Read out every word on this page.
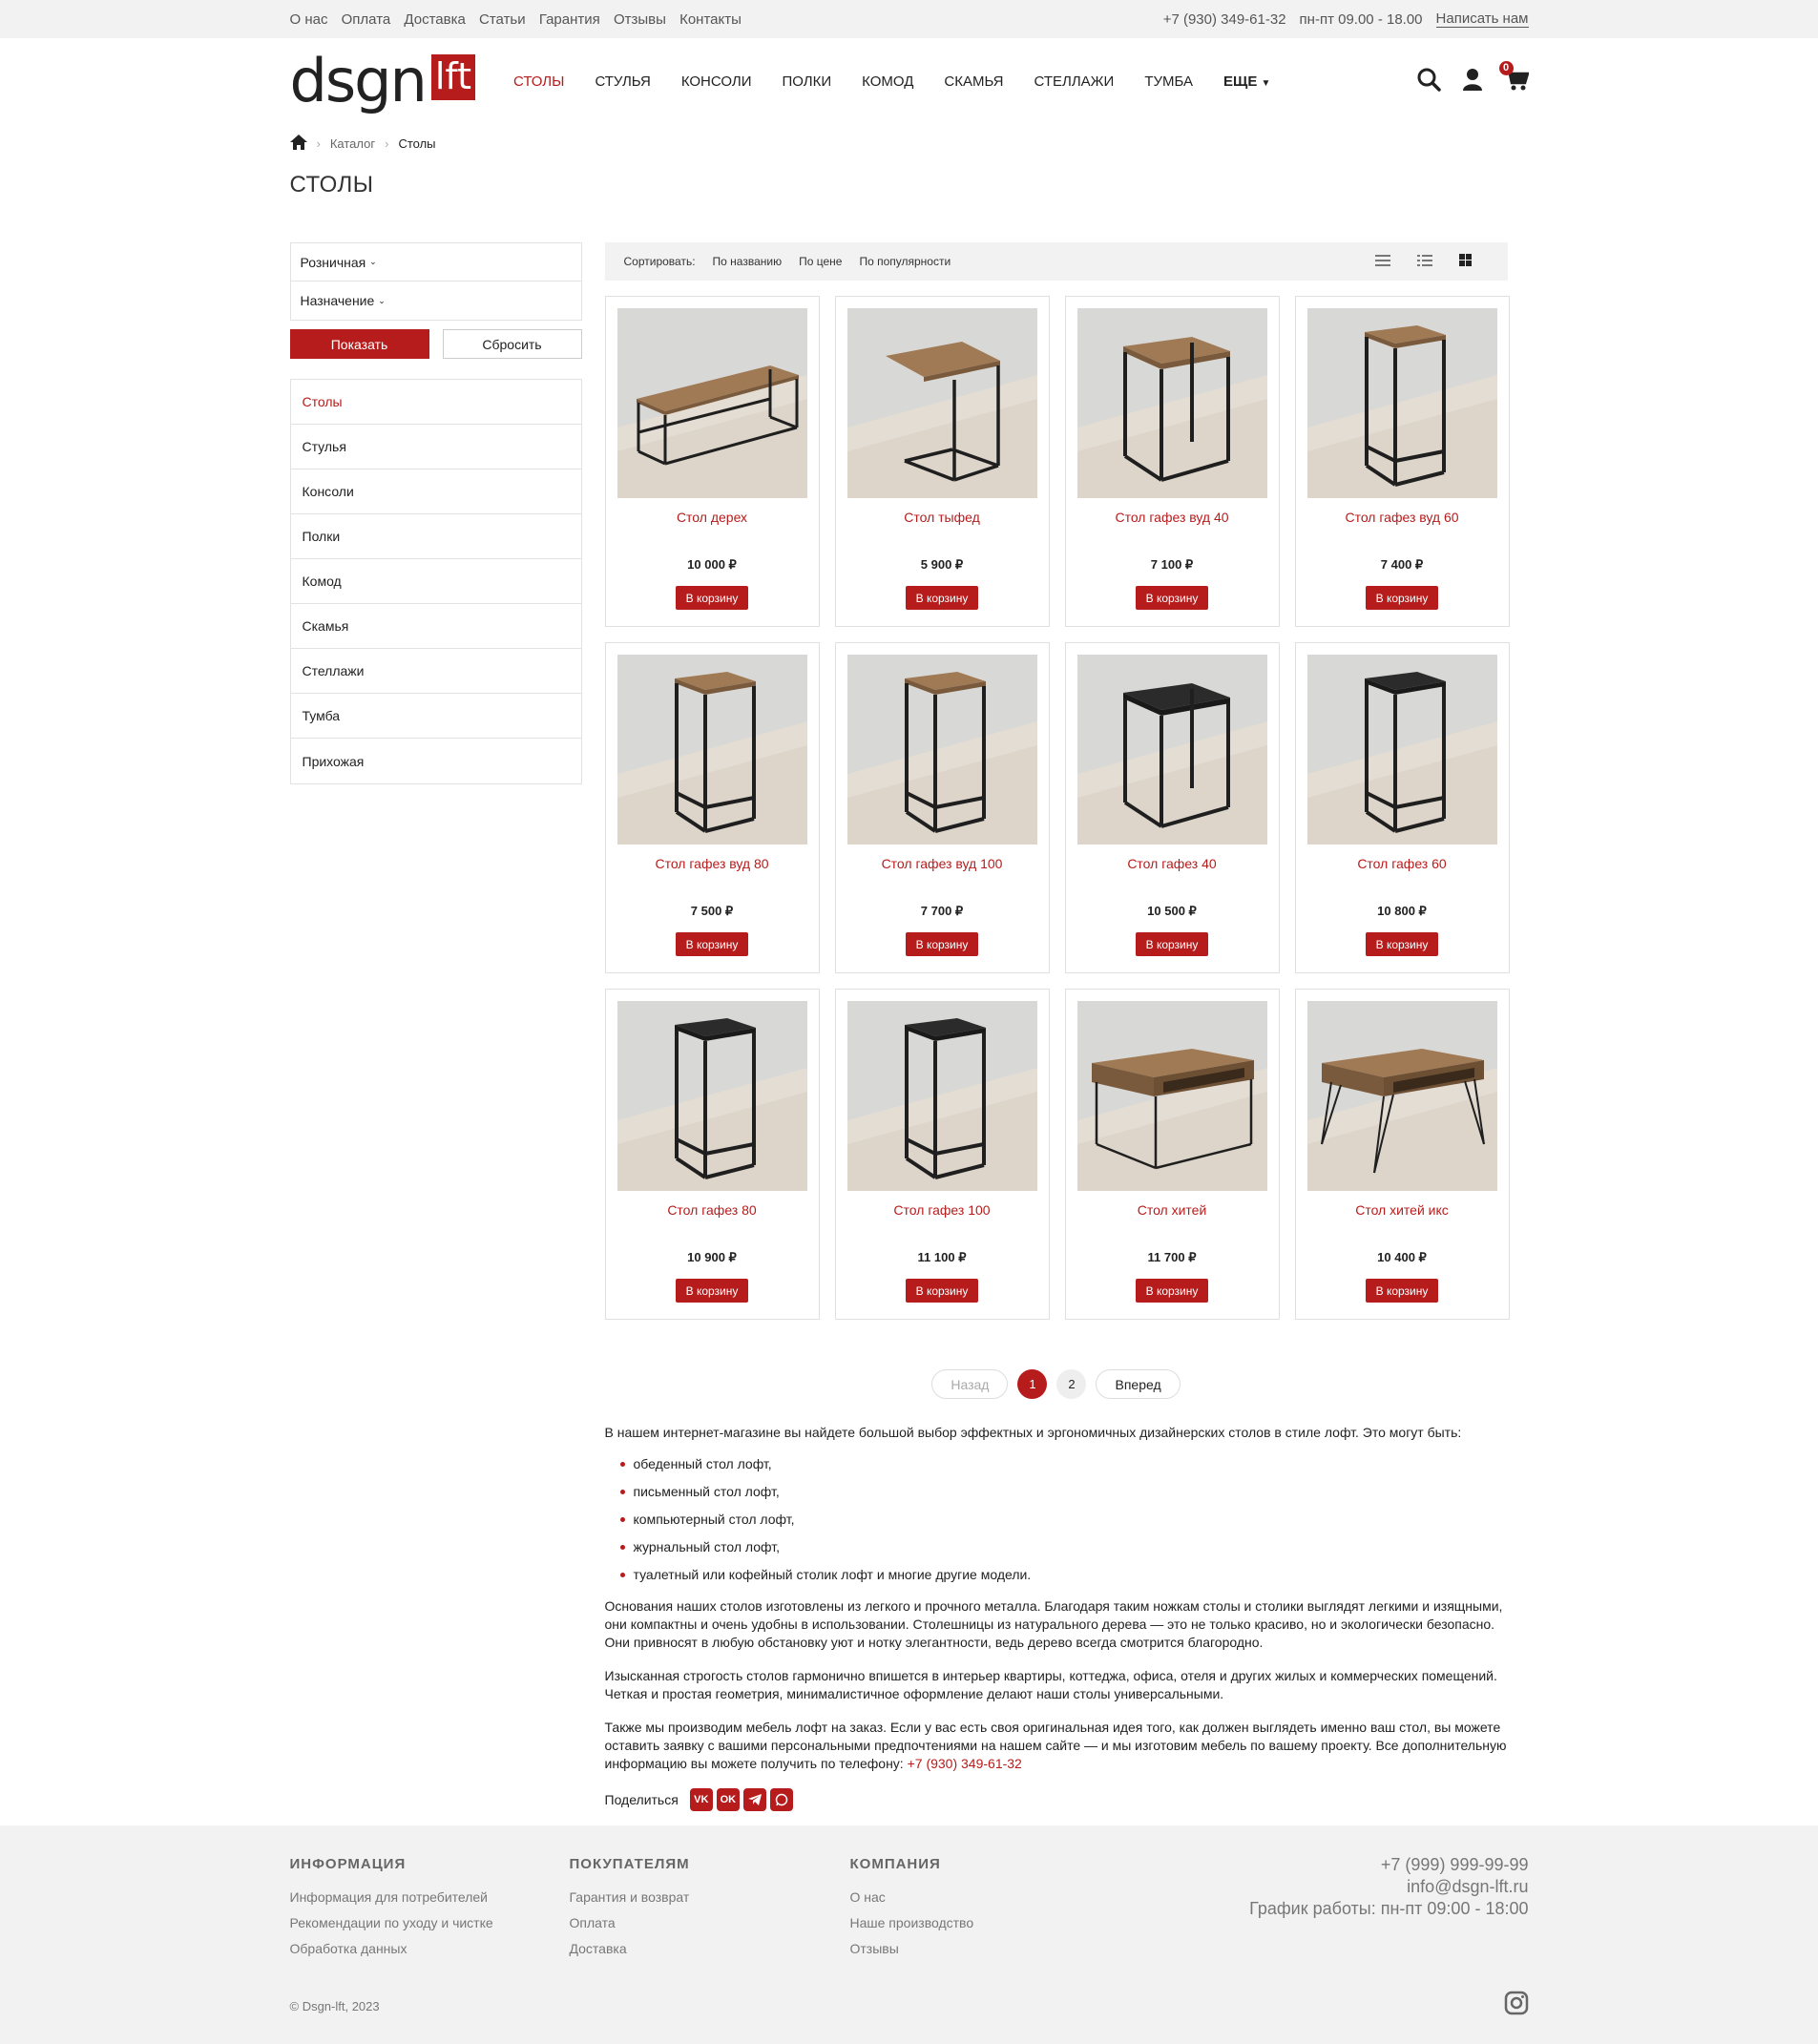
О нас Оплата Доставка Статьи Гарантия Отзывы Контакты	+7 (930) 349-61-32 пн-пт 09.00 - 18.00 Написать нам
dsgn lft	СТОЛЫ СТУЛЬЯ КОНСОЛИ ПОЛКИ КОМОД СКАМЬЯ СТЕЛЛАЖИ ТУМБА ЕЩЕ ▼
0
› Каталог › Столы
СТОЛЫ
Розничная
⌄
Назначение
⌄
Показать	Сбросить
Столы
Стулья
Консоли
Полки
Комод
Скамья
Стеллажи
Тумба
Прихожая
Сортировать: По названию По цене По популярности
Стол дерех
10 000 ₽
В корзину
Стол тыфед
5 900 ₽
В корзину
Стол гафез вуд 40
7 100 ₽
В корзину
Стол гафез вуд 60
7 400 ₽
В корзину
Стол гафез вуд 80
7 500 ₽
В корзину
Стол гафез вуд 100
7 700 ₽
В корзину
Стол гафез 40
10 500 ₽
В корзину
Стол гафез 60
10 800 ₽
В корзину
Стол гафез 80
10 900 ₽
В корзину
Стол гафез 100
11 100 ₽
В корзину
Стол хитей
11 700 ₽
В корзину
Стол хитей икс
10 400 ₽
В корзину
Назад	1	2	Вперед

В нашем интернет-магазине вы найдете большой выбор эффектных и эргономичных дизайнерских столов в стиле лофт. Это могут быть:

обеденный стол лофт,
письменный стол лофт,
компьютерный стол лофт,
журнальный стол лофт,
туалетный или кофейный столик лофт и многие другие модели.

Основания наших столов изготовлены из легкого и прочного металла. Благодаря таким ножкам столы и столики выглядят легкими и изящными, они компактны и очень удобны в использовании. Столешницы из натурального дерева — это не только красиво, но и экологически безопасно. Они привносят в любую обстановку уют и нотку элегантности, ведь дерево всегда смотрится благородно.

Изысканная строгость столов гармонично впишется в интерьер квартиры, коттеджа, офиса, отеля и других жилых и коммерческих помещений. Четкая и простая геометрия, минималистичное оформление делают наши столы универсальными.

Также мы производим мебель лофт на заказ. Если у вас есть своя оригинальная идея того, как должен выглядеть именно ваш стол, вы можете оставить заявку с вашими персональными предпочтениями на нашем сайте — и мы изготовим мебель по вашему проекту. Все дополнительную информацию вы можете получить по телефону: +7 (930) 349-61-32

Поделиться	VK	OK
ИНФОРМАЦИЯ
Информация для потребителей
Рекомендации по уходу и чистке
Обработка данных
ПОКУПАТЕЛЯМ
Гарантия и возврат
Оплата
Доставка
КОМПАНИЯ
О нас
Наше производство
Отзывы
+7 (999) 999-99-99
info@dsgn-lft.ru
График работы: пн-пт 09:00 - 18:00
© Dsgn-lft, 2023
